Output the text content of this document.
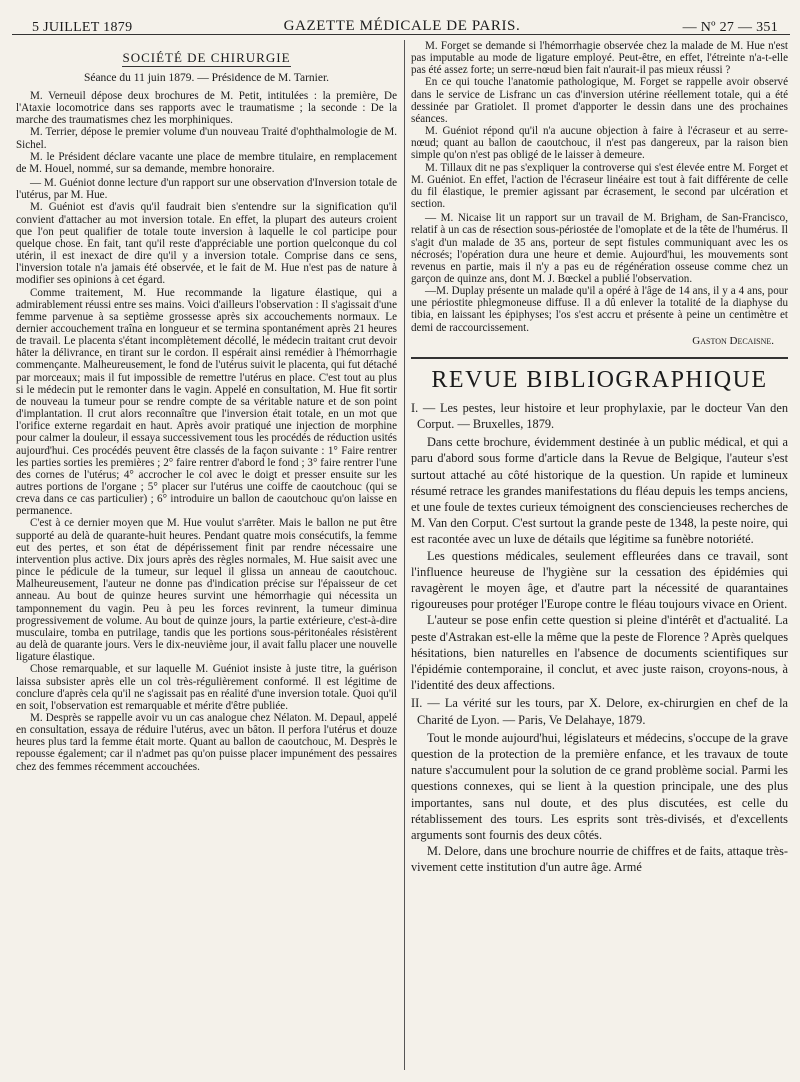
5 JUILLET 1879	GAZETTE MÉDICALE DE PARIS.	— Nº 27 — 351
SOCIÉTÉ DE CHIRURGIE
Séance du 11 juin 1879. — Présidence de M. Tarnier.

M. Verneuil dépose deux brochures de M. Petit, intitulées : la première, De l'Ataxie locomotrice dans ses rapports avec le traumatisme ; la seconde : De la marche des traumatismes chez les morphiniques.

M. Terrier, dépose le premier volume d'un nouveau Traité d'ophthalmologie de M. Sichel.

M. le Président déclare vacante une place de membre titulaire, en remplacement de M. Houel, nommé, sur sa demande, membre honoraire.

— M. Guéniot donne lecture d'un rapport sur une observation d'Inversion totale de l'utérus, par M. Hue.

M. Guéniot est d'avis qu'il faudrait bien s'entendre sur la signification qu'il convient d'attacher au mot inversion totale. En effet, la plupart des auteurs croient que l'on peut qualifier de totale toute inversion à laquelle le col participe pour quelque chose. En fait, tant qu'il reste d'appréciable une portion quelconque du col utérin, il est inexact de dire qu'il y a inversion totale. Comprise dans ce sens, l'inversion totale n'a jamais été observée, et le fait de M. Hue n'est pas de nature à modifier ses opinions à cet égard.

Comme traitement, M. Hue recommande la ligature élastique, qui a admirablement réussi entre ses mains. Voici d'ailleurs l'observation : Il s'agissait d'une femme parvenue à sa septième grossesse après six accouchements normaux. Le dernier accouchement traîna en longueur et se termina spontanément après 21 heures de travail. Le placenta s'étant incomplètement décollé, le médecin traitant crut devoir hâter la délivrance, en tirant sur le cordon. Il espérait ainsi remédier à l'hémorrhagie commençante. Malheureusement, le fond de l'utérus suivit le placenta, qui fut détaché par morceaux; mais il fut impossible de remettre l'utérus en place. C'est tout au plus si le médecin put le remonter dans le vagin. Appelé en consultation, M. Hue fit sortir de nouveau la tumeur pour se rendre compte de sa véritable nature et de son point d'implantation. Il crut alors reconnaître que l'inversion était totale, en un mot que l'orifice externe regardait en haut. Après avoir pratiqué une injection de morphine pour calmer la douleur, il essaya successivement tous les procédés de réduction usités aujourd'hui. Ces procédés peuvent être classés de la façon suivante : 1° Faire rentrer les parties sorties les premières ; 2° faire rentrer d'abord le fond ; 3° faire rentrer l'une des cornes de l'utérus; 4° accrocher le col avec le doigt et presser ensuite sur les autres portions de l'organe ; 5° placer sur l'utérus une coiffe de caoutchouc (qui se creva dans ce cas particulier) ; 6° introduire un ballon de caoutchouc qu'on laisse en permanence.

C'est à ce dernier moyen que M. Hue voulut s'arrêter. Mais le ballon ne put être supporté au delà de quarante-huit heures. Pendant quatre mois consécutifs, la femme eut des pertes, et son état de dépérissement finit par rendre nécessaire une intervention plus active. Dix jours après des règles normales, M. Hue saisit avec une pince le pédicule de la tumeur, sur lequel il glissa un anneau de caoutchouc. Malheureusement, l'auteur ne donne pas d'indication précise sur l'épaisseur de cet anneau. Au bout de quinze heures survint une hémorrhagie qui nécessita un tamponnement du vagin. Peu à peu les forces revinrent, la tumeur diminua progressivement de volume. Au bout de quinze jours, la partie extérieure, c'est-à-dire musculaire, tomba en putrilage, tandis que les portions sous-péritonéales résistèrent au delà de quarante jours. Vers le dix-neuvième jour, il avait fallu placer une nouvelle ligature élastique.

Chose remarquable, et sur laquelle M. Guéniot insiste à juste titre, la guérison laissa subsister après elle un col très-régulièrement conformé. Il est légitime de conclure d'après cela qu'il ne s'agissait pas en réalité d'une inversion totale. Quoi qu'il en soit, l'observation est remarquable et mérite d'être publiée.

M. Desprès se rappelle avoir vu un cas analogue chez Nélaton. M. Depaul, appelé en consultation, essaya de réduire l'utérus, avec un bâton. Il perfora l'utérus et douze heures plus tard la femme était morte. Quant au ballon de caoutchouc, M. Desprès le repousse également; car il n'admet pas qu'on puisse placer impunément des pessaires chez des femmes récemment accouchées.

M. Forget se demande si l'hémorrhagie observée chez la malade de M. Hue n'est pas imputable au mode de ligature employé. Peut-être, en effet, l'étreinte n'a-t-elle pas été assez forte; un serre-nœud bien fait n'aurait-il pas mieux réussi ?

En ce qui touche l'anatomie pathologique, M. Forget se rappelle avoir observé dans le service de Lisfranc un cas d'inversion utérine réellement totale, qui a été dessinée par Gratiolet. Il promet d'apporter le dessin dans une des prochaines séances.

M. Guéniot répond qu'il n'a aucune objection à faire à l'écraseur et au serre-nœud; quant au ballon de caoutchouc, il n'est pas dangereux, par la raison bien simple qu'on n'est pas obligé de le laisser à demeure.

M. Tillaux dit ne pas s'expliquer la controverse qui s'est élevée entre M. Forget et M. Guéniot. En effet, l'action de l'écraseur linéaire est tout à fait différente de celle du fil élastique, le premier agissant par écrasement, le second par ulcération et section.

— M. Nicaise lit un rapport sur un travail de M. Brigham, de San-Francisco, relatif à un cas de résection sous-périostée de l'omoplate et de la tête de l'humérus. Il s'agit d'un malade de 35 ans, porteur de sept fistules communiquant avec les os nécrosés; l'opération dura une heure et demie. Aujourd'hui, les mouvements sont revenus en partie, mais il n'y a pas eu de régénération osseuse comme chez un garçon de quinze ans, dont M. J. Bœckel a publié l'observation.

—M. Duplay présente un malade qu'il a opéré à l'âge de 14 ans, il y a 4 ans, pour une périostite phlegmoneuse diffuse. Il a dû enlever la totalité de la diaphyse du tibia, en laissant les épiphyses; l'os s'est accru et présente à peine un centimètre et demi de raccourcissement.

Gaston Decaisne.
REVUE BIBLIOGRAPHIQUE

I. — Les pestes, leur histoire et leur prophylaxie, par le docteur Van den Corput. — Bruxelles, 1879.

Dans cette brochure, évidemment destinée à un public médical, et qui a paru d'abord sous forme d'article dans la Revue de Belgique, l'auteur s'est surtout attaché au côté historique de la question. Un rapide et lumineux résumé retrace les grandes manifestations du fléau depuis les temps anciens, et une foule de textes curieux témoignent des consciencieuses recherches de M. Van den Corput. C'est surtout la grande peste de 1348, la peste noire, qui est racontée avec un luxe de détails que légitime sa funèbre notoriété.

Les questions médicales, seulement effleurées dans ce travail, sont l'influence heureuse de l'hygiène sur la cessation des épidémies qui ravagèrent le moyen âge, et d'autre part la nécessité de quarantaines rigoureuses pour protéger l'Europe contre le fléau toujours vivace en Orient.

L'auteur se pose enfin cette question si pleine d'intérêt et d'actualité. La peste d'Astrakan est-elle la même que la peste de Florence ? Après quelques hésitations, bien naturelles en l'absence de documents scientifiques sur l'épidémie contemporaine, il conclut, et avec juste raison, croyons-nous, à l'identité des deux affections.

II. — La vérité sur les tours, par X. Delore, ex-chirurgien en chef de la Charité de Lyon. — Paris, Ve Delahaye, 1879.

Tout le monde aujourd'hui, législateurs et médecins, s'occupe de la grave question de la protection de la première enfance, et les travaux de toute nature s'accumulent pour la solution de ce grand problème social. Parmi les questions connexes, qui se lient à la question principale, une des plus importantes, sans nul doute, et des plus discutées, est celle du rétablissement des tours. Les esprits sont très-divisés, et d'excellents arguments sont fournis des deux côtés.

M. Delore, dans une brochure nourrie de chiffres et de faits, attaque très-vivement cette institution d'un autre âge. Armé
